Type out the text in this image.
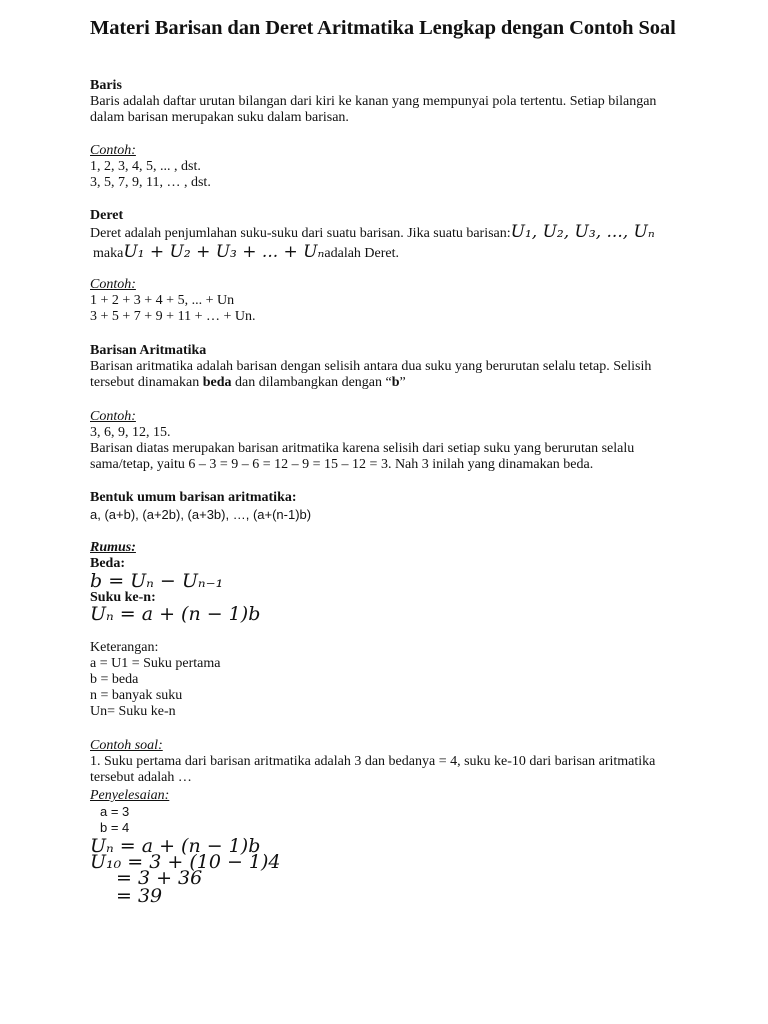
Materi Barisan dan Deret Aritmatika Lengkap dengan Contoh Soal
Baris
Baris adalah daftar urutan bilangan dari kiri ke kanan yang mempunyai pola tertentu. Setiap bilangan
dalam barisan merupakan suku dalam barisan.
Contoh:
1, 2, 3, 4, 5, ... , dst.
3, 5, 7, 9, 11, … , dst.
Deret
Deret adalah penjumlahan suku-suku dari suatu barisan. Jika suatu barisan:U₁, U₂, U₃, ..., Uₙ
makaU₁ + U₂ + U₃ + ... + Uₙadalah Deret.
Contoh:
1 + 2 + 3 + 4 + 5, ... + Un
3 + 5 + 7 + 9 + 11 + … + Un.
Barisan Aritmatika
Barisan aritmatika adalah barisan dengan selisih antara dua suku yang berurutan selalu tetap. Selisih
tersebut dinamakan beda dan dilambangkan dengan “b”
Contoh:
3, 6, 9, 12, 15.
Barisan diatas merupakan barisan aritmatika karena selisih dari setiap suku yang berurutan selalu
sama/tetap, yaitu 6 – 3 = 9 – 6 = 12 – 9 = 15 – 12 = 3. Nah 3 inilah yang dinamakan beda.
Bentuk umum barisan aritmatika:
a, (a+b), (a+2b), (a+3b), …, (a+(n-1)b)
Rumus:
Beda:
b = Uₙ − Uₙ₋₁
Suku ke-n:
Uₙ = a + (n − 1)b
Keterangan:
a = U1 = Suku pertama
b = beda
n = banyak suku
Un= Suku ke-n
Contoh soal:
1. Suku pertama dari barisan aritmatika adalah 3 dan bedanya = 4, suku ke-10 dari barisan aritmatika
tersebut adalah …
Penyelesaian:
a = 3
b = 4
Uₙ = a + (n − 1)b
U₁₀ = 3 + (10 − 1)4
= 3 + 36
= 39
